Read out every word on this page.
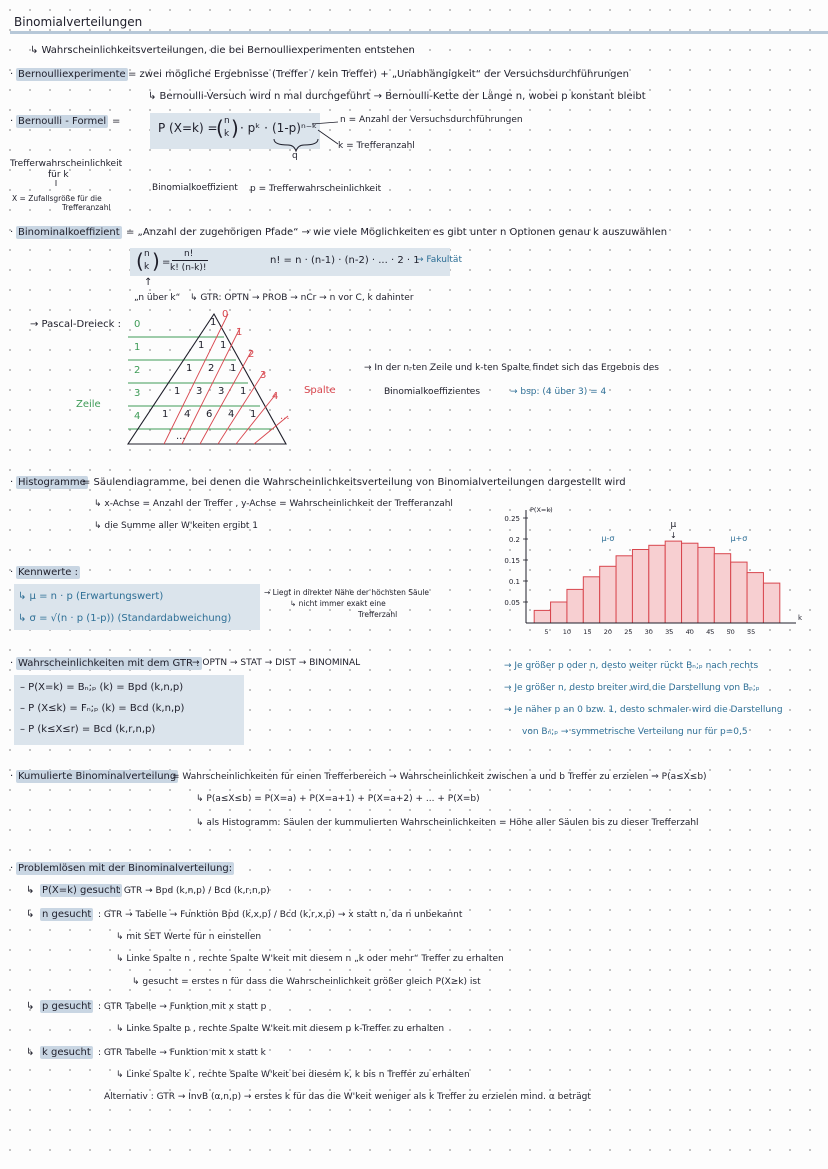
Binomialverteilungen
↳ Wahrscheinlichkeitsverteilungen, die bei Bernoulliexperimenten entstehen
· Bernoulliexperimente = zwei mögliche Ergebnisse (Treffer / kein Treffer) + „Unabhängigkeit“ der Versuchsdurchführungen
↳ Bernoulli-Versuch wird n mal durchgeführt → Bernoulli-Kette der Länge n, wobei p konstant bleibt
· Bernoulli - Formel =	P (X=k) =
( n
k ) · pᵏ · (1-p)ⁿ⁻ᵏ
q
n = Anzahl der Versuchsdurchführungen
k = Trefferanzahl
Trefferwahrscheinlichkeit
für k
X = Zufallsgröße für die
Trefferanzahl
Binomialkoeffizient p = Trefferwahrscheinlichkeit
· Binominalkoeffizient = „Anzahl der zugehörigen Pfade“ → wie viele Möglichkeiten es gibt unter n Optionen genau k auszuwählen
( n
k ) =
n!
k! (n-k)!
n! = n · (n-1) · (n-2) · ... · 2 · 1
→ Fakultät
↑
„n über k“ ↳ GTR: OPTN → PROB → nCr → n vor C, k dahinter
→ Pascal-Dreieck : 0
1
2
3
4
Zeile
1
1 1
1 2 1
1 3 3 1
1 4 6 4 1
0
1
2
3
4
...
Spalte
...
→ In der n-ten Zeile und k-ten Spalte findet sich das Ergebnis des
Binomialkoeffizientes	→ bsp: (4 über 3) = 4
· Histogramme
= Säulendiagramme, bei denen die Wahrscheinlichkeitsverteilung von Binomialverteilungen dargestellt wird
↳ x-Achse = Anzahl der Treffer , y-Achse = Wahrscheinlichkeit der Trefferanzahl
↳ die Summe aller W'keiten ergibt 1
0.05
0.1
0.15
0.2
0.25
5 10 15 20 25 30 35 40 45 50 55
P(X=k)
k
μ
↓
μ-σ	μ+σ
· Kennwerte :
↳ μ = n · p (Erwartungswert)
↳ σ = √(n · p (1-p)) (Standardabweichung)
→ Liegt in direkter Nähe der höchsten Säule
↳ nicht immer exakt eine
Trefferzahl
· Wahrscheinlichkeiten mit dem GTR :
→ OPTN → STAT → DIST → BINOMINAL
– P(X=k) = Bₙ;ₚ (k) = Bpd (k,n,p)
– P (X≤k) = Fₙ;ₚ (k) = Bcd (k,n,p)
– P (k≤X≤r) = Bcd (k,r,n,p)
→ Je größer p oder n, desto weiter rückt Bₙ;ₚ nach rechts
→ Je größer n, desto breiter wird die Darstellung von Bₙ;ₚ
→ Je näher p an 0 bzw. 1, desto schmaler wird die Darstellung
von Bₙ;ₚ → symmetrische Verteilung nur für p=0,5
· Kumulierte Binominalverteilung
= Wahrscheinlichkeiten für einen Trefferbereich → Wahrscheinlichkeit zwischen a und b Treffer zu erzielen ⇒ P(a≤X≤b)
↳ P(a≤X≤b) = P(X=a) + P(X=a+1) + P(X=a+2) + ... + P(X=b)
↳ als Histogramm: Säulen der kummulierten Wahrscheinlichkeiten = Höhe aller Säulen bis zu dieser Trefferzahl
· Problemlösen mit der Binominalverteilung:
↳ P(X=k) gesucht
: GTR → Bpd (k,n,p) / Bcd (k,r,n,p)
↳ n gesucht : GTR → Tabelle → Funktion Bpd (k,x,p) / Bcd (k,r,x,p) → x statt n, da n unbekannt
↳ mit SET Werte für n einstellen
↳ Linke Spalte n , rechte Spalte W'keit mit diesem n „k oder mehr“ Treffer zu erhalten
↳ gesucht = erstes n für dass die Wahrscheinlichkeit größer gleich P(X≥k) ist
↳ p gesucht : GTR Tabelle → Funktion mit x statt p
↳ Linke Spalte p , rechte Spalte W'keit mit diesem p k-Treffer zu erhalten
↳ k gesucht : GTR Tabelle → Funktion mit x statt k
↳ Linke Spalte k , rechte Spalte W'keit bei diesem k, k bis n Treffer zu erhalten
Alternativ : GTR → InvB (α,n,p) → erstes k für das die W'keit weniger als k Treffer zu erzielen mind. α beträgt
